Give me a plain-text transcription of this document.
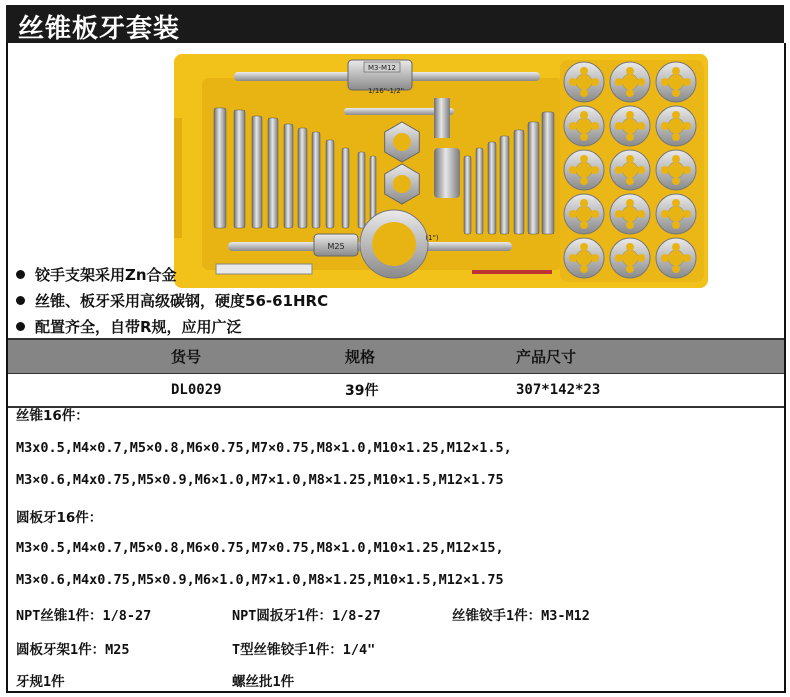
丝锥板牙套装
M3-M12
1/16"-1/2"
M25
(1")
铰手支架采用Zn合金
丝锥、板牙采用高级碳钢，硬度56-61HRC
配置齐全，自带R规，应用广泛
货号	规格	产品尺寸
DL0029	39件	307*142*23
丝锥16件：
M3x0.5,M4×0.7,M5×0.8,M6×0.75,M7×0.75,M8×1.0,M10×1.25,M12×1.5,
M3×0.6,M4x0.75,M5×0.9,M6×1.0,M7×1.0,M8×1.25,M10×1.5,M12×1.75
圆板牙16件：
M3×0.5,M4×0.7,M5×0.8,M6×0.75,M7×0.75,M8×1.0,M10×1.25,M12×15,
M3×0.6,M4x0.75,M5×0.9,M6×1.0,M7×1.0,M8×1.25,M10×1.5,M12×1.75
NPT丝锥1件：1/8-27	NPT圆扳牙1件：1/8-27	丝锥铰手1件：M3-M12
圆板牙架1件：M25	T型丝锥铰手1件：1/4"
牙规1件	螺丝批1件
